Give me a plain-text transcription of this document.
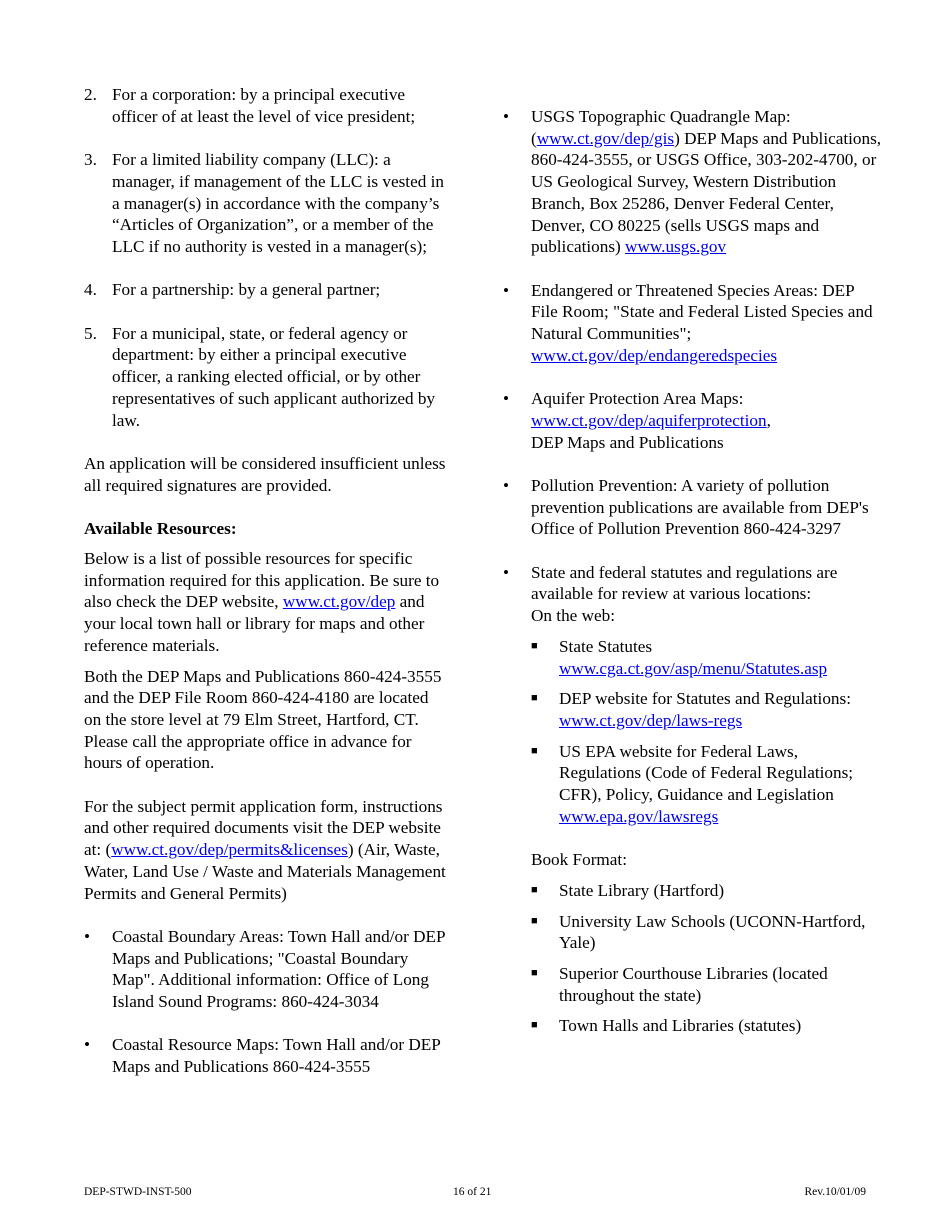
2. For a corporation: by a principal executive officer of at least the level of vice president;
3. For a limited liability company (LLC): a manager, if management of the LLC is vested in a manager(s) in accordance with the company’s “Articles of Organization”, or a member of the LLC if no authority is vested in a manager(s);
4. For a partnership: by a general partner;
5. For a municipal, state, or federal agency or department: by either a principal executive officer, a ranking elected official, or by other representatives of such applicant authorized by law.

An application will be considered insufficient unless all required signatures are provided.

Available Resources:

Below is a list of possible resources for specific information required for this application. Be sure to also check the DEP website, www.ct.gov/dep and your local town hall or library for maps and other reference materials.

Both the DEP Maps and Publications 860-424-3555 and the DEP File Room 860-424-4180 are located on the store level at 79 Elm Street, Hartford, CT. Please call the appropriate office in advance for hours of operation.

For the subject permit application form, instructions and other required documents visit the DEP website at: (www.ct.gov/dep/permits&licenses) (Air, Waste, Water, Land Use / Waste and Materials Management Permits and General Permits)

•	Coastal Boundary Areas: Town Hall and/or DEP Maps and Publications; "Coastal Boundary Map". Additional information: Office of Long Island Sound Programs: 860-424-3034
•	Coastal Resource Maps: Town Hall and/or DEP Maps and Publications 860-424-3555
•	USGS Topographic Quadrangle Map: (www.ct.gov/dep/gis) DEP Maps and Publications, 860-424-3555, or USGS Office, 303-202-4700, or US Geological Survey, Western Distribution Branch, Box 25286, Denver Federal Center, Denver, CO 80225 (sells USGS maps and publications) www.usgs.gov
•	Endangered or Threatened Species Areas: DEP File Room; "State and Federal Listed Species and Natural Communities"; www.ct.gov/dep/endangeredspecies
•	Aquifer Protection Area Maps: www.ct.gov/dep/aquiferprotection,
DEP Maps and Publications
•	Pollution Prevention: A variety of pollution prevention publications are available from DEP's Office of Pollution Prevention 860-424-3297
•	State and federal statutes and regulations are available for review at various locations:
On the web:
■	State Statutes
www.cga.ct.gov/asp/menu/Statutes.asp
■	DEP website for Statutes and Regulations: www.ct.gov/dep/laws-regs
■	US EPA website for Federal Laws, Regulations (Code of Federal Regulations; CFR), Policy, Guidance and Legislation
www.epa.gov/lawsregs

Book Format:

■	State Library (Hartford)
■	University Law Schools (UCONN-Hartford, Yale)
■	Superior Courthouse Libraries (located throughout the state)
■	Town Halls and Libraries (statutes)
DEP-STWD-INST-500	16 of 21	Rev.10/01/09
